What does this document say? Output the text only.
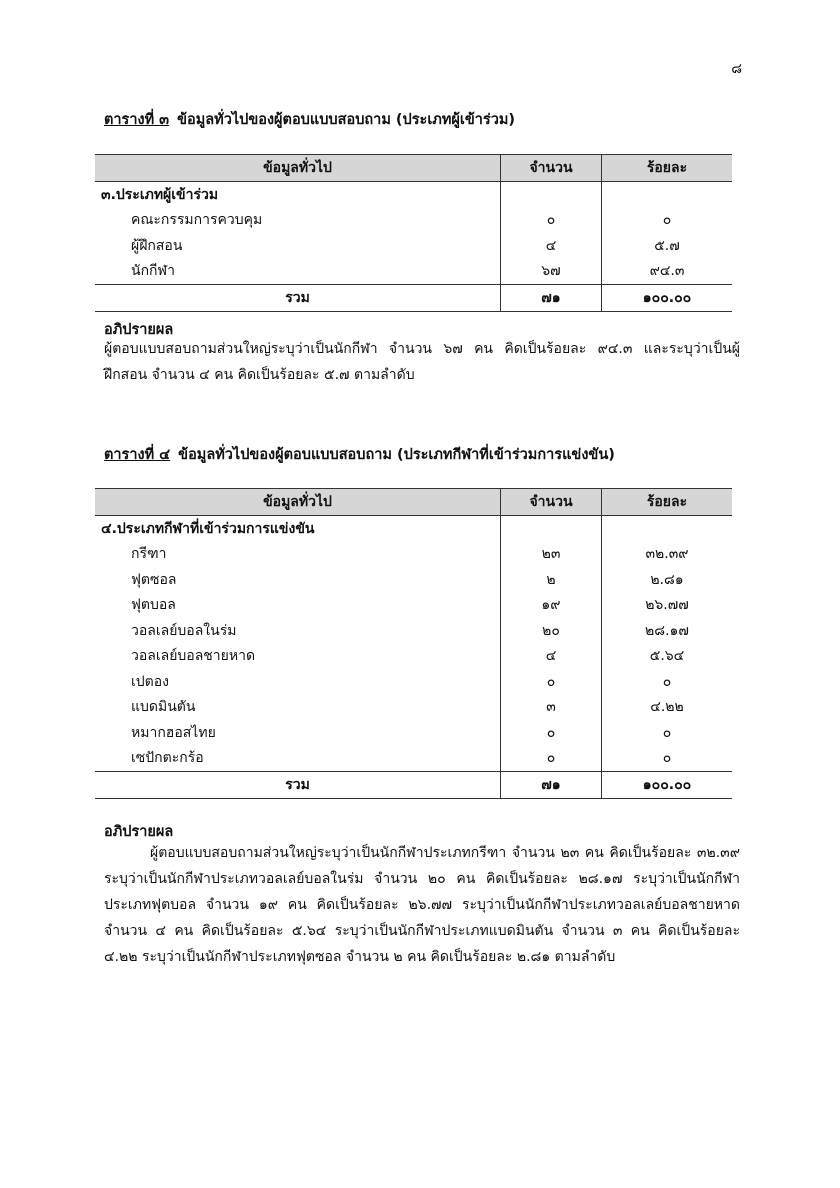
๘
ตารางที่ ๓ ข้อมูลทั่วไปของผู้ตอบแบบสอบถาม (ประเภทผู้เข้าร่วม)
ข้อมูลทั่วไป	จำนวน	ร้อยละ
๓.ประเภทผู้เข้าร่วม		
คณะกรรมการควบคุม	๐	๐
ผู้ฝึกสอน	๔	๕.๗
นักกีฬา	๖๗	๙๔.๓
รวม	๗๑	๑๐๐.๐๐
อภิปรายผล
ผู้ตอบแบบสอบถามส่วนใหญ่ระบุว่าเป็นนักกีฬา จำนวน ๖๗ คน คิดเป็นร้อยละ ๙๔.๓ และระบุว่าเป็นผู้ฝึกสอน จำนวน ๔ คน คิดเป็นร้อยละ ๕.๗ ตามลำดับ
ตารางที่ ๔ ข้อมูลทั่วไปของผู้ตอบแบบสอบถาม (ประเภทกีฬาที่เข้าร่วมการแข่งขัน)
ข้อมูลทั่วไป	จำนวน	ร้อยละ
๔.ประเภทกีฬาที่เข้าร่วมการแข่งขัน		
กรีฑา	๒๓	๓๒.๓๙
ฟุตซอล	๒	๒.๘๑
ฟุตบอล	๑๙	๒๖.๗๗
วอลเลย์บอลในร่ม	๒๐	๒๘.๑๗
วอลเลย์บอลชายหาด	๔	๕.๖๔
เปตอง	๐	๐
แบดมินตัน	๓	๔.๒๒
หมากฮอสไทย	๐	๐
เซปักตะกร้อ	๐	๐
รวม	๗๑	๑๐๐.๐๐
อภิปรายผล
ผู้ตอบแบบสอบถามส่วนใหญ่ระบุว่าเป็นนักกีฬาประเภทกรีฑา จำนวน ๒๓ คน คิดเป็นร้อยละ ๓๒.๓๙ ระบุว่าเป็นนักกีฬาประเภทวอลเลย์บอลในร่ม จำนวน ๒๐ คน คิดเป็นร้อยละ ๒๘.๑๗ ระบุว่าเป็นนักกีฬาประเภทฟุตบอล จำนวน ๑๙ คน คิดเป็นร้อยละ ๒๖.๗๗ ระบุว่าเป็นนักกีฬาประเภทวอลเลย์บอลชายหาด จำนวน ๔ คน คิดเป็นร้อยละ ๕.๖๔ ระบุว่าเป็นนักกีฬาประเภทแบดมินตัน จำนวน ๓ คน คิดเป็นร้อยละ ๔.๒๒ ระบุว่าเป็นนักกีฬาประเภทฟุตซอล จำนวน ๒ คน คิดเป็นร้อยละ ๒.๘๑ ตามลำดับ
